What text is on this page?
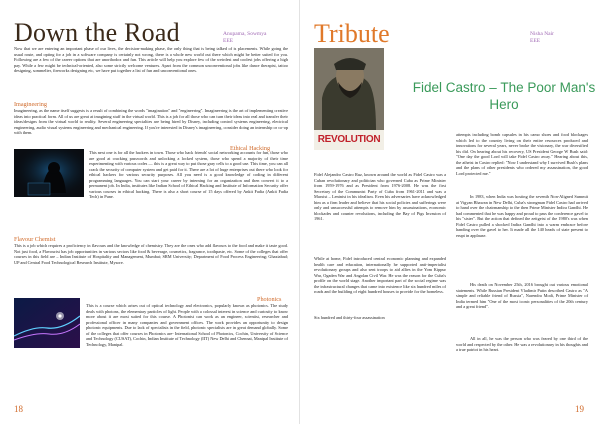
Down the Road	Anupama, Sowmya
EEE

Now that we are entering an important phase of our lives, the decision-making phase, the only thing that is being talked of is placements. While going the usual route, and opting for a job in a software company is certainly not wrong, there is a whole new world out there which might be better suited for you. Following are a few of the career options that are unorthodox and fun. This article will help you explore few of the weirdest and coolest jobs offering a high pay. While a few might be technical-oriented, also some strictly welcome ventures. Apart from the common unconventional jobs like dance therapist, tattoo designing, sommelier, fireworks designing etc, we have put together a list of fun and unconventional ones.

Imagineering

Imagineering, as the name itself suggests is a result of combining the words "imagination" and "engineering". Imagineering is the art of implementing creative ideas into practical form. All of us are great at imagining stuff in the virtual world. This is a job for all those who can turn their ideas into real and transfer their ideas/designs from the virtual world to reality. Several engineering specialties are being hired by Disney, including control systems engineering, electrical engineering, audio visual systems engineering and mechanical engineering. If you're interested in Disney's imagineering, consider doing an internship or co-op with them.

Ethical Hacking

This next one is for all the hackers in town. Those who hack friends' social networking accounts for fun, those who are good at cracking passwords and unlocking a locked system, those who spend a majority of their time experimenting with various codes — this is a great way to put those gray cells to a good use. This time, you can all crack the security of computer system and get paid for it. There are a lot of huge enterprises out there who look for ethical hackers for various security purposes. All you need is a good knowledge of coding in different programming languages. You can start your career by interning for an organization and then convert it to a permanent job. In India, institutes like Indian School of Ethical Hacking and Institute of Information Security offer various courses in ethical hacking. There is also a short course of 15 days offered by Ankit Fadia (Ankit Fadia Tech) in Pune.

Flavour Chemist

This is a job which requires a proficiency in flavours and the knowledge of chemistry. They are the ones who add flavours to the food and make it taste good. Not just food, a Flavourist has job opportunities in various sectors like food & beverage, cosmetics, fragrance, toothpaste, etc. Some of the colleges that offer courses in this field are – Indian Institute of Hospitality and Management, Mumbai; SRM University; Department of Food Process Engineering; Ghaziabad; UP and Central Food Technological Research Institute, Mysore.

Photonics

This is a course which arises out of optical technology and electronics, popularly known as photonics. The study deals with photons, the elementary particles of light. People with a colossal interest in science and curiosity to know more about it are most suited for this course. A Photonist can work as an engineer, scientist, researcher and professional officer in many companies and government offices. The work provides an opportunity to design photonic equipments. Due to lack of specialists in the field, photonic specialists are in great demand globally. Some of the colleges that offer courses in Photonics are- International School of Photonics, Cochin, University of Science and Technology (CUSAT), Cochin, Indian Institute of Technology (IIT) New Delhi and Chennai, Manipal Institute of Technology, Manipal.

18
Tribute	Nisha Nair
EEE
REVOLUTION
Fidel Castro – The Poor Man's Hero

Fidel Alejandro Castro Ruz, known around the world as Fidel Castro was a Cuban revolutionary and politician who governed Cuba as Prime Minister from 1959-1976 and as President from 1976-2008. He was the first Secretary of the Communist Party of Cuba from 1961-2011 and was a Marxist – Leninist in his idealism. Even his adversaries have acknowledged him as a firm leader and believe that his social policies and sufferings were only and unsuccessful attempts to remove him by assassinations, economic blockades and counter revolutions, including the Bay of Pigs Invasion of 1961.

While at home, Fidel introduced central economic planning and expanded health care and education, internationally he supported anti-imperialist revolutionary groups and also sent troops to aid allies in the Yom Kippur War, Ogaden War and Angolan Civil War. He was the reason for the Cuba's profile on the world stage. Another important part of the social regime was the infrastructural changes that came into existence like six hundred miles of roads and the building of eight hundred houses to provide for the homeless.

Six hundred and thirty-four assassination

attempts including bomb capsules in his camo shoes and food blockages which led to the country living on their entire resources produced and innovations for several years, never broke the visionary, the war diversified his did. On hearing about his recovery, US President George W Bush said: "One day the good Lord will take Fidel Castro away." Hearing about this, the atheist in Castro replied: "Now I understand why I survived Bush's plans and the plans of other presidents who ordered my assassination, the good Lord protected me."

In 1983, when India was hosting the seventh Non-Aligned Summit at Vigyan Bhawan in New Delhi, Cuba's strongman Fidel Castro had arrived to hand over the chairmanship to the then Prime Minister Indira Gandhi. He had commented that he was happy and proud to pass the conference gavel to his "sister". But the action that defined the zeitgeist of the 1980's was when Fidel Castro pulled a shocked Indira Gandhi into a warm embrace before handing over the gavel to her. It made all the 140 heads of state present to erupt in applause.

His death on November 25th, 2016 brought out various emotional statements. While Russian President Vladimir Putin described Castro as "A simple and reliable friend of Russia", Narendra Modi, Prime Minister of India termed him "One of the most iconic personalities of the 20th century and a great friend".

All in all, he was the person who was feared by one third of the world and respected by the other. He was a revolutionary in his thoughts and a true patriot in his heart.

19
